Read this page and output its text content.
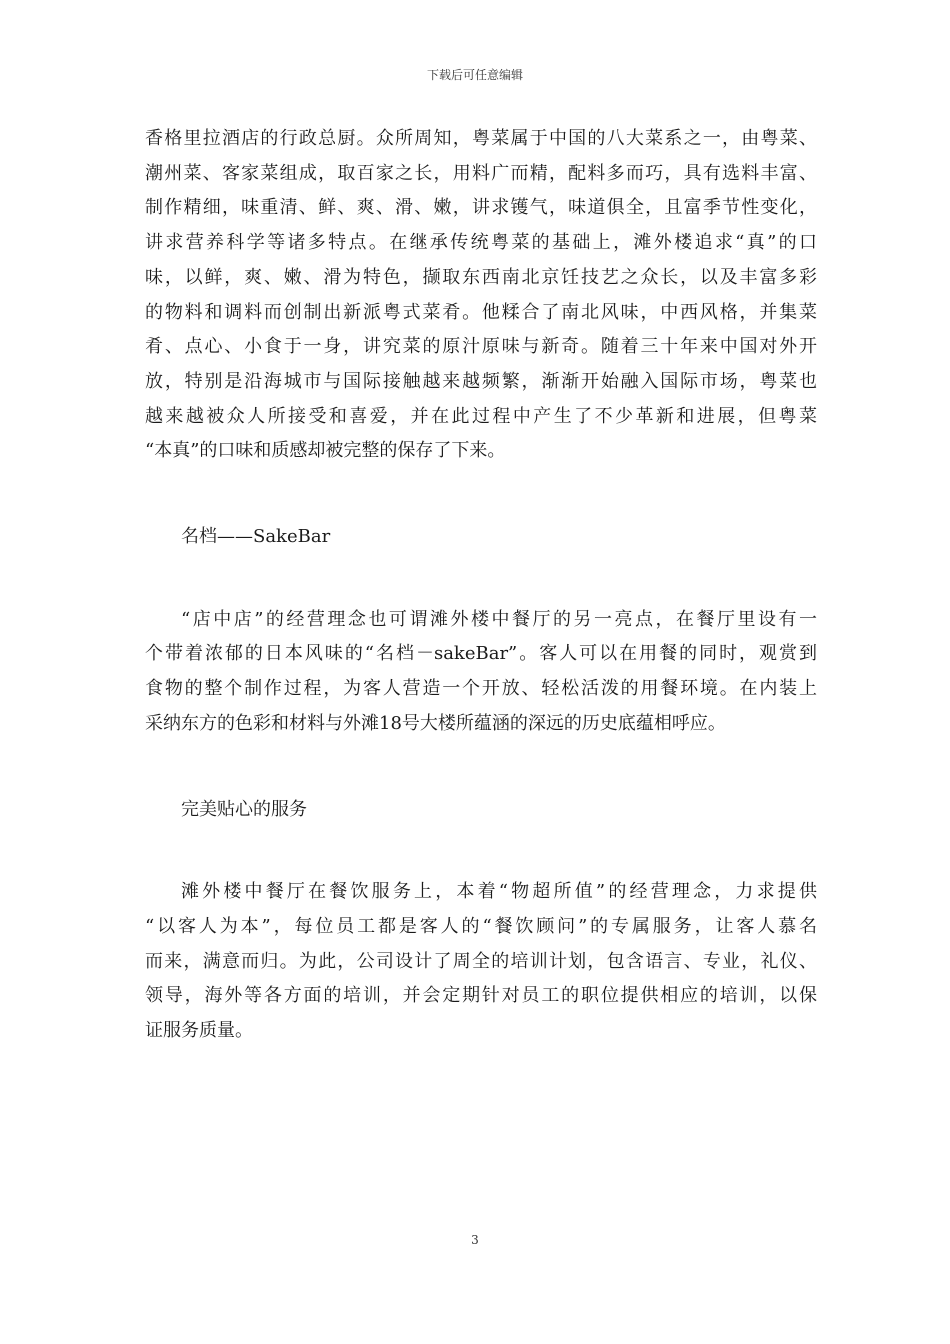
下载后可任意编辑
香格里拉酒店的行政总厨。众所周知，粤菜属于中国的八大菜系之一，由粤菜、
潮州菜、客家菜组成，取百家之长，用料广而精，配料多而巧，具有选料丰富、
制作精细，味重清、鲜、爽、滑、嫩，讲求镬气，味道俱全，且富季节性变化，
讲求营养科学等诸多特点。在继承传统粤菜的基础上，滩外楼追求“真”的口
味，以鲜，爽、嫩、滑为特色，撷取东西南北京饪技艺之众长，以及丰富多彩
的物料和调料而创制出新派粤式菜肴。他糅合了南北风味，中西风格，并集菜
肴、点心、小食于一身，讲究菜的原汁原味与新奇。随着三十年来中国对外开
放，特别是沿海城市与国际接触越来越频繁，渐渐开始融入国际市场，粤菜也
越来越被众人所接受和喜爱，并在此过程中产生了不少革新和进展，但粤菜
“本真”的口味和质感却被完整的保存了下来。
名档——SakeBar
“店中店”的经营理念也可谓滩外楼中餐厅的另一亮点，在餐厅里设有一
个带着浓郁的日本风味的“名档－sakeBar”。客人可以在用餐的同时，观赏到
食物的整个制作过程，为客人营造一个开放、轻松活泼的用餐环境。在内装上
采纳东方的色彩和材料与外滩18号大楼所蕴涵的深远的历史底蕴相呼应。
完美贴心的服务
滩外楼中餐厅在餐饮服务上，本着“物超所值”的经营理念，力求提供
“以客人为本”，每位员工都是客人的“餐饮顾问”的专属服务，让客人慕名
而来，满意而归。为此，公司设计了周全的培训计划，包含语言、专业，礼仪、
领导，海外等各方面的培训，并会定期针对员工的职位提供相应的培训，以保
证服务质量。
3
